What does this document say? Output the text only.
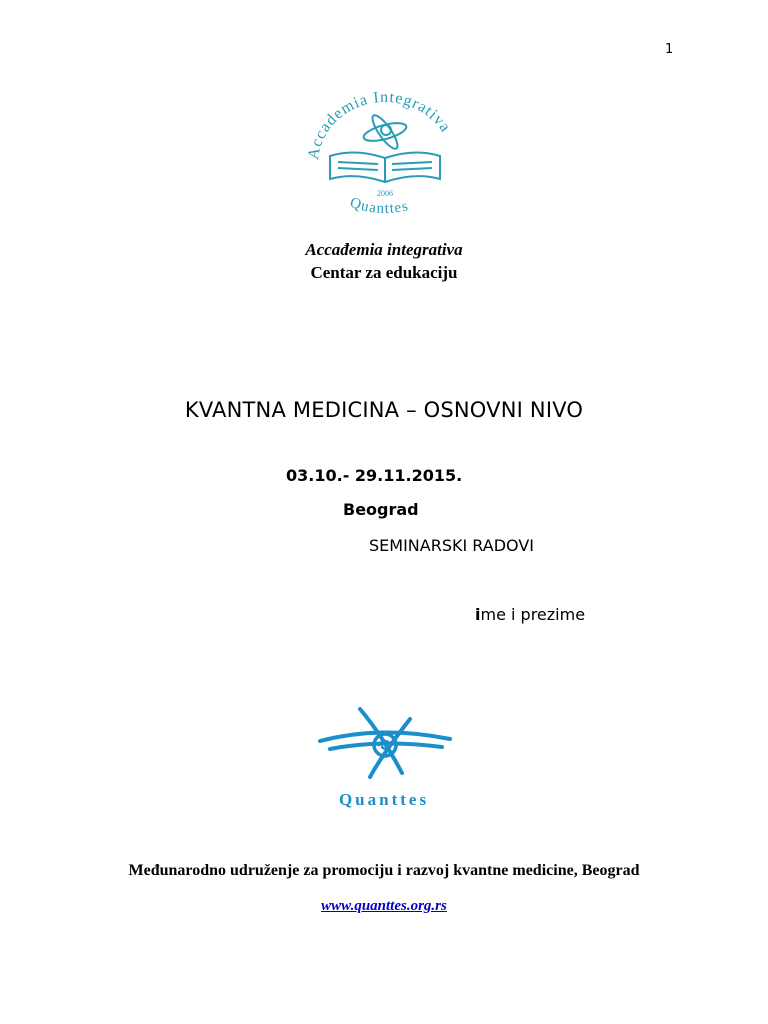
1
Accademia Integrativa
2006
Quanttes
Accađemia integrativa
Centar za edukaciju
KVANTNA MEDICINA – OSNOVNI NIVO
03.10.- 29.11.2015.
Beograd
SEMINARSKI RADOVI
ime i prezime
Quanttes
Međunarodno udruženje za promociju i razvoj kvantne medicine, Beograd
www.quanttes.org.rs
